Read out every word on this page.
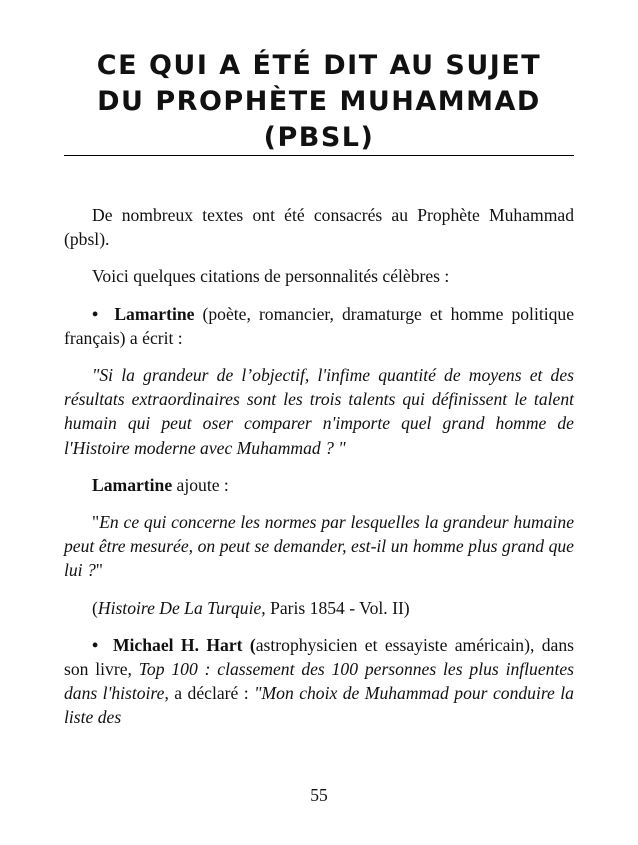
CE QUI A ÉTÉ DIT AU SUJET
DU PROPHÈTE MUHAMMAD
(PBSL)

De nombreux textes ont été consacrés au Prophète Muhammad (pbsl).

Voici quelques citations de personnalités célèbres :

• Lamartine (poète, romancier, dramaturge et homme politique français) a écrit :

"Si la grandeur de l’objectif, l'infime quantité de moyens et des résultats extraordinaires sont les trois talents qui définissent le talent humain qui peut oser comparer n'importe quel grand homme de l'Histoire moderne avec Muhammad ? "

Lamartine ajoute :

"En ce qui concerne les normes par lesquelles la grandeur humaine peut être mesurée, on peut se demander, est-il un homme plus grand que lui ?"

(Histoire De La Turquie, Paris 1854 - Vol. II)

• Michael H. Hart (astrophysicien et essayiste américain), dans son livre, Top 100 : classement des 100 personnes les plus influentes dans l'histoire, a déclaré : "Mon choix de Muhammad pour conduire la liste des

55
